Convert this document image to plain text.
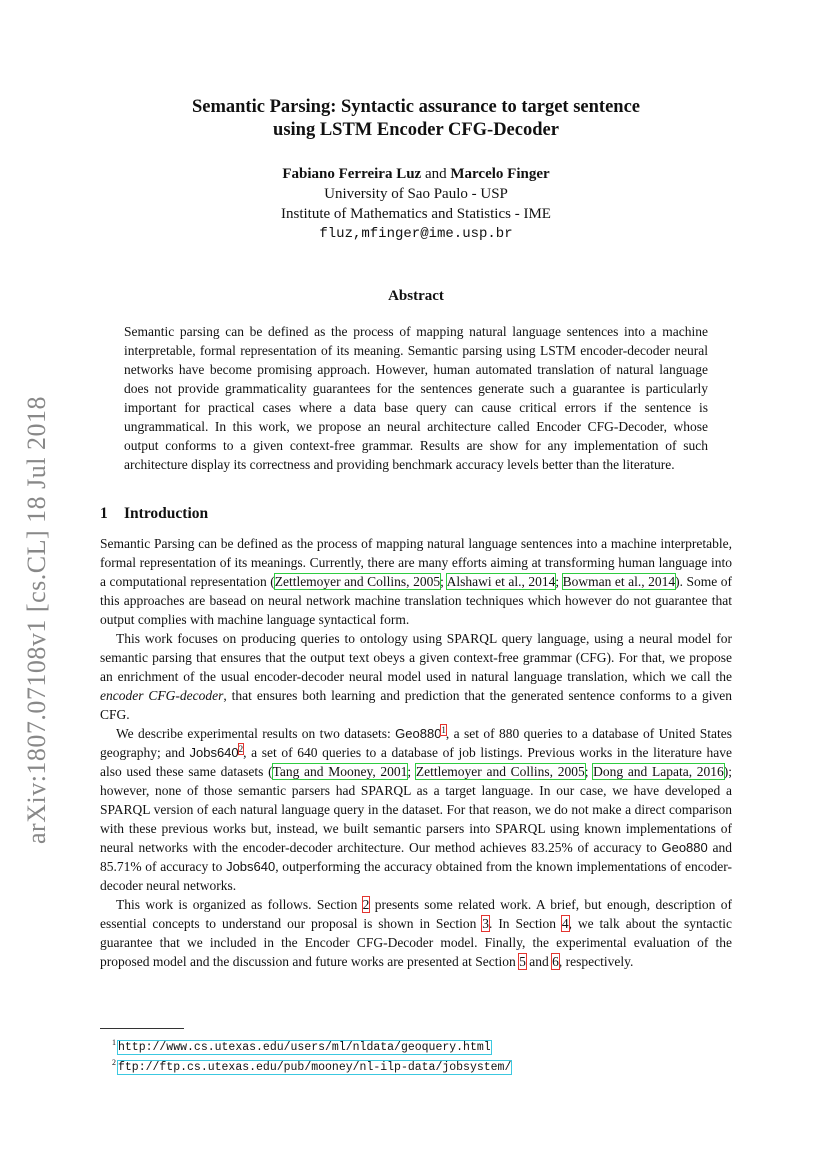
arXiv:1807.07108v1 [cs.CL] 18 Jul 2018
Semantic Parsing: Syntactic assurance to target sentence
using LSTM Encoder CFG-Decoder
Fabiano Ferreira Luz and Marcelo Finger
University of Sao Paulo - USP
Institute of Mathematics and Statistics - IME
fluz,mfinger@ime.usp.br
Abstract
Semantic parsing can be defined as the process of mapping natural language sentences into a machine interpretable, formal representation of its meaning. Semantic parsing using LSTM encoder-decoder neural networks have become promising approach. However, human automated translation of natural language does not provide grammaticality guarantees for the sentences generate such a guarantee is particularly important for practical cases where a data base query can cause critical errors if the sentence is ungrammatical. In this work, we propose an neural architecture called Encoder CFG-Decoder, whose output conforms to a given context-free grammar. Results are show for any implementation of such architecture display its correctness and providing benchmark accuracy levels better than the literature.
1 Introduction

Semantic Parsing can be defined as the process of mapping natural language sentences into a machine interpretable, formal representation of its meanings. Currently, there are many efforts aiming at transforming human language into a computational representation (Zettlemoyer and Collins, 2005; Alshawi et al., 2014; Bowman et al., 2014). Some of this approaches are basead on neural network machine translation techniques which however do not guarantee that output complies with machine language syntactical form.

This work focuses on producing queries to ontology using SPARQL query language, using a neural model for semantic parsing that ensures that the output text obeys a given context-free grammar (CFG). For that, we propose an enrichment of the usual encoder-decoder neural model used in natural language translation, which we call the encoder CFG-decoder, that ensures both learning and prediction that the generated sentence conforms to a given CFG.

We describe experimental results on two datasets: Geo880$^1$, a set of 880 queries to a database of United States geography; and Jobs640$^2$, a set of 640 queries to a database of job listings. Previous works in the literature have also used these same datasets (Tang and Mooney, 2001; Zettlemoyer and Collins, 2005; Dong and Lapata, 2016); however, none of those semantic parsers had SPARQL as a target language. In our case, we have developed a SPARQL version of each natural language query in the dataset. For that reason, we do not make a direct comparison with these previous works but, instead, we built semantic parsers into SPARQL using known implementations of neural networks with the encoder-decoder architecture. Our method achieves 83.25% of accuracy to Geo880 and 85.71% of accuracy to Jobs640, outperforming the accuracy obtained from the known implementations of encoder-decoder neural networks.

This work is organized as follows. Section 2 presents some related work. A brief, but enough, description of essential concepts to understand our proposal is shown in Section 3. In Section 4, we talk about the syntactic guarantee that we included in the Encoder CFG-Decoder model. Finally, the experimental evaluation of the proposed model and the discussion and future works are presented at Section 5 and 6, respectively.

$^1$ http://www.cs.utexas.edu/users/ml/nldata/geoquery.html
$^2$ ftp://ftp.cs.utexas.edu/pub/mooney/nl-ilp-data/jobsystem/
